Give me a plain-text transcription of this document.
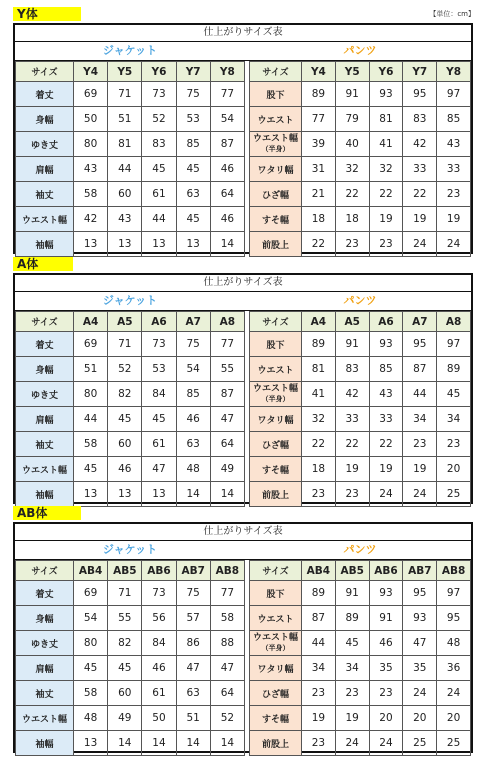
Y体	【単位：cm】
仕上がりサイズ表
ジャケット	パンツ
サイズ	Y4	Y5	Y6	Y7	Y8
着丈	69	71	73	75	77
身幅	50	51	52	53	54
ゆき丈	80	81	83	85	87
肩幅	43	44	45	45	46
袖丈	58	60	61	63	64
ウエスト幅	42	43	44	45	46
袖幅	13	13	13	13	14
サイズ	Y4	Y5	Y6	Y7	Y8
股下	89	91	93	95	97
ウエスト	77	79	81	83	85
ウエスト幅
（半身）	39	40	41	42	43
ワタリ幅	31	32	32	33	33
ひざ幅	21	22	22	22	23
すそ幅	18	18	19	19	19
前股上	22	23	23	24	24
A体
仕上がりサイズ表
ジャケット	パンツ
サイズ	A4	A5	A6	A7	A8
着丈	69	71	73	75	77
身幅	51	52	53	54	55
ゆき丈	80	82	84	85	87
肩幅	44	45	45	46	47
袖丈	58	60	61	63	64
ウエスト幅	45	46	47	48	49
袖幅	13	13	13	14	14
サイズ	A4	A5	A6	A7	A8
股下	89	91	93	95	97
ウエスト	81	83	85	87	89
ウエスト幅
（半身）	41	42	43	44	45
ワタリ幅	32	33	33	34	34
ひざ幅	22	22	22	23	23
すそ幅	18	19	19	19	20
前股上	23	23	24	24	25
AB体
仕上がりサイズ表
ジャケット	パンツ
サイズ	AB4	AB5	AB6	AB7	AB8
着丈	69	71	73	75	77
身幅	54	55	56	57	58
ゆき丈	80	82	84	86	88
肩幅	45	45	46	47	47
袖丈	58	60	61	63	64
ウエスト幅	48	49	50	51	52
袖幅	13	14	14	14	14
サイズ	AB4	AB5	AB6	AB7	AB8
股下	89	91	93	95	97
ウエスト	87	89	91	93	95
ウエスト幅
（半身）	44	45	46	47	48
ワタリ幅	34	34	35	35	36
ひざ幅	23	23	23	24	24
すそ幅	19	19	20	20	20
前股上	23	24	24	25	25
